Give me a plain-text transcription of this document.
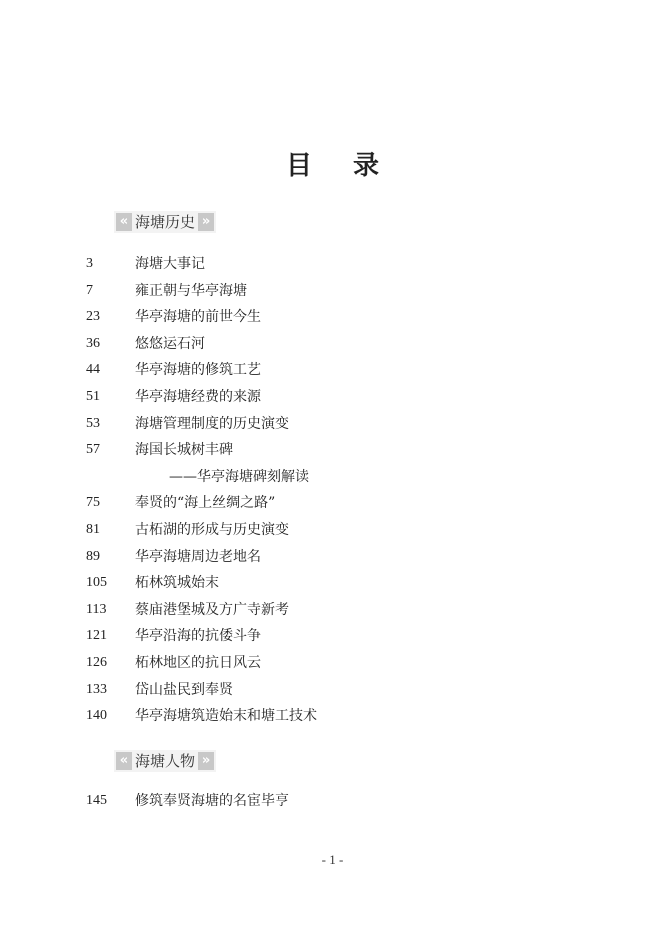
目 录
« 海塘历史 »
3	海塘大事记
7	雍正朝与华亭海塘
23	华亭海塘的前世今生
36	悠悠运石河
44	华亭海塘的修筑工艺
51	华亭海塘经费的来源
53	海塘管理制度的历史演变
57	海国长城树丰碑
——华亭海塘碑刻解读
75	奉贤的“海上丝绸之路”
81	古柘湖的形成与历史演变
89	华亭海塘周边老地名
105 柘林筑城始末
113 蔡庙港堡城及方广寺新考
121 华亭沿海的抗倭斗争
126 柘林地区的抗日风云
133 岱山盐民到奉贤
140 华亭海塘筑造始末和塘工技术
« 海塘人物 »
145 修筑奉贤海塘的名宦毕亨
- 1 -
